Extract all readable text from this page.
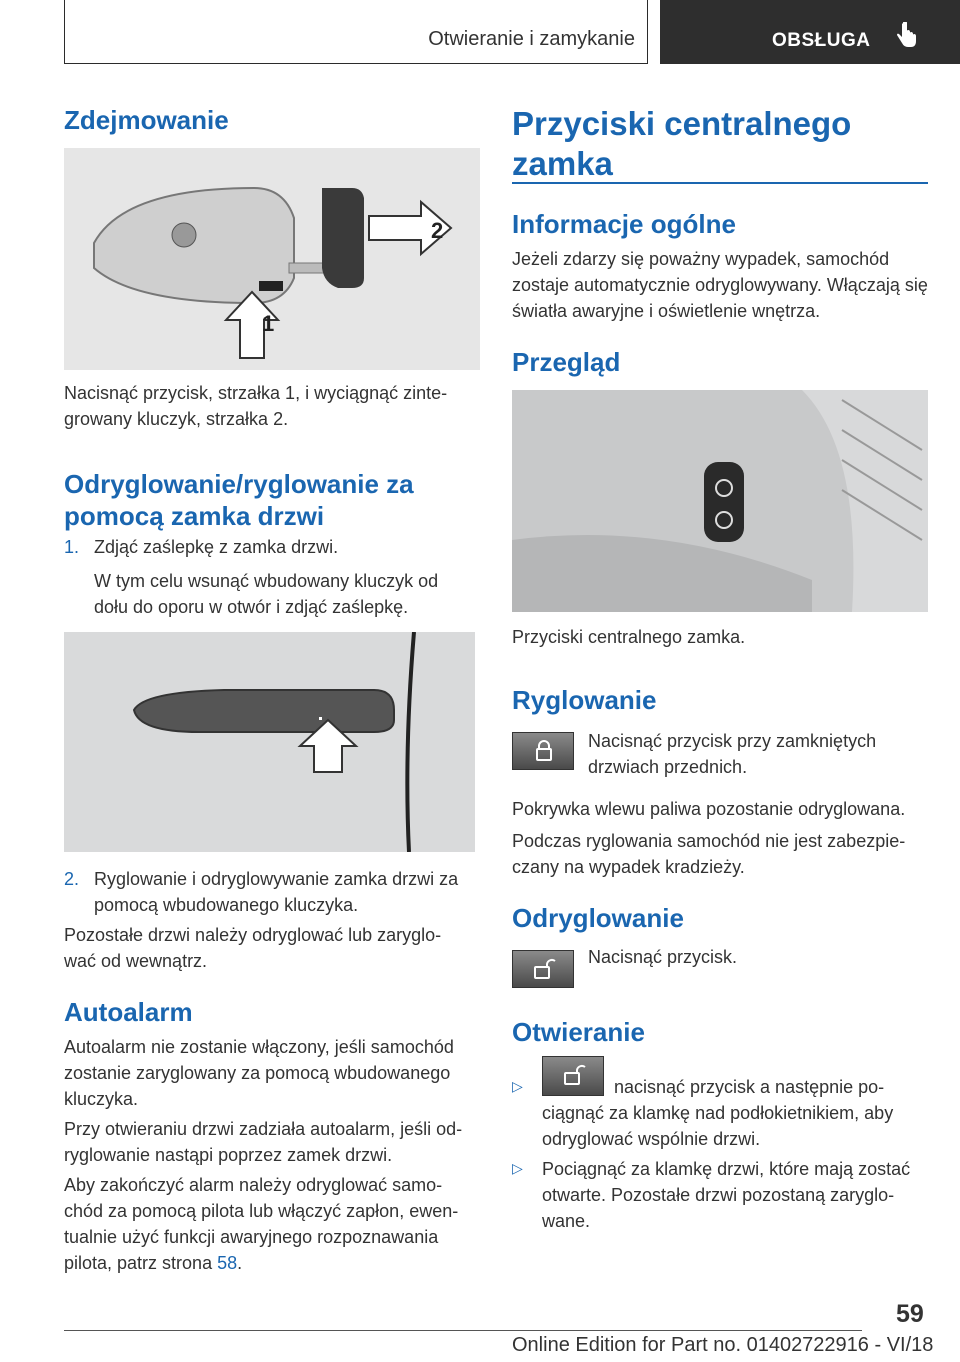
Otwieranie i zamykanie	OBSŁUGA
Zdejmowanie
2
1
Nacisnąć przycisk, strzałka 1, i wyciągnąć zinte‐
growany kluczyk, strzałka 2.
Odryglowanie/ryglowanie za pomocą zamka drzwi
1. Zdjąć zaślepkę z zamka drzwi.
W tym celu wsunąć wbudowany kluczyk od dołu do oporu w otwór i zdjąć zaślepkę.
2. Ryglowanie i odryglowywanie zamka drzwi za pomocą wbudowanego kluczyka.
Pozostałe drzwi należy odryglować lub zaryglo‐
wać od wewnątrz.
Autoalarm
Autoalarm nie zostanie włączony, jeśli samochód zostanie zaryglowany za pomocą wbudowanego kluczyka.
Przy otwieraniu drzwi zadziała autoalarm, jeśli od‐
ryglowanie nastąpi poprzez zamek drzwi.
Aby zakończyć alarm należy odryglować samo‐
chód za pomocą pilota lub włączyć zapłon, ewen‐
tualnie użyć funkcji awaryjnego rozpoznawania pilota, patrz strona 58.
Przyciski centralnego zamka
Informacje ogólne
Jeżeli zdarzy się poważny wypadek, samochód zostaje automatycznie odryglowywany. Włączają się światła awaryjne i oświetlenie wnętrza.
Przegląd
Przyciski centralnego zamka.
Ryglowanie
Nacisnąć przycisk przy zamkniętych drzwiach przednich.
Pokrywka wlewu paliwa pozostanie odryglowana.
Podczas ryglowania samochód nie jest zabezpie‐
czany na wypadek kradzieży.
Odryglowanie
Nacisnąć przycisk.
Otwieranie
▷	nacisnąć przycisk a następnie po‐
ciągnąć za klamkę nad podłokietnikiem, aby odryglować wspólnie drzwi.
▷ Pociągnąć za klamkę drzwi, które mają zostać otwarte. Pozostałe drzwi pozostaną zaryglo‐
wane.
59
Online Edition for Part no. 01402722916 - VI/18
